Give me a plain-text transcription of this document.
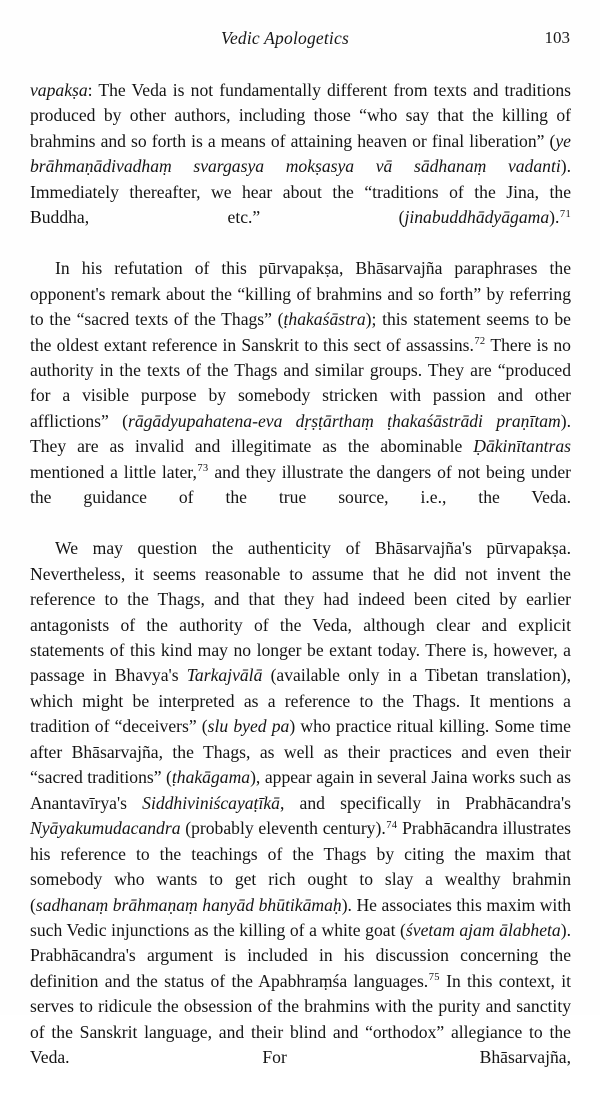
Vedic Apologetics	103

vapakṣa: The Veda is not fundamentally different from texts and traditions produced by other authors, including those “who say that the killing of brahmins and so forth is a means of attaining heaven or final liberation” (ye brāhmaṇādivadhaṃ svargasya mokṣasya vā sādhanaṃ vadanti). Immediately thereafter, we hear about the “traditions of the Jina, the Buddha, etc.” (jinabuddhādyāgama).$^{71}$

In his refutation of this pūrvapakṣa, Bhāsarvajña paraphrases the opponent's remark about the “killing of brahmins and so forth” by referring to the “sacred texts of the Thags” (ṭhakaśāstra); this statement seems to be the oldest extant reference in Sanskrit to this sect of assassins.$^{72}$ There is no authority in the texts of the Thags and similar groups. They are “produced for a visible purpose by somebody stricken with passion and other afflictions” (rāgādyupahatena-eva dṛṣṭārthaṃ ṭhakaśāstrādi praṇītam). They are as invalid and illegitimate as the abominable Ḍākinītantras mentioned a little later,$^{73}$ and they illustrate the dangers of not being under the guidance of the true source, i.e., the Veda.

We may question the authenticity of Bhāsarvajña's pūrvapakṣa. Nevertheless, it seems reasonable to assume that he did not invent the reference to the Thags, and that they had indeed been cited by earlier antagonists of the authority of the Veda, although clear and explicit statements of this kind may no longer be extant today. There is, however, a passage in Bhavya's Tarkajvālā (available only in a Tibetan translation), which might be interpreted as a reference to the Thags. It mentions a tradition of “deceivers” (slu byed pa) who practice ritual killing. Some time after Bhāsarvajña, the Thags, as well as their practices and even their “sacred traditions” (ṭhakāgama), appear again in several Jaina works such as Anantavīrya's Siddhiviniścayaṭīkā, and specifically in Prabhācandra's Nyāyakumudacandra (probably eleventh century).$^{74}$ Prabhācandra illustrates his reference to the teachings of the Thags by citing the maxim that somebody who wants to get rich ought to slay a wealthy brahmin (sadhanaṃ brāhmaṇaṃ hanyād bhūtikāmaḥ). He associates this maxim with such Vedic injunctions as the killing of a white goat (śvetam ajam ālabheta). Prabhācandra's argument is included in his discussion concerning the definition and the status of the Apabhraṃśa languages.$^{75}$ In this context, it serves to ridicule the obsession of the brahmins with the purity and sanctity of the Sanskrit language, and their blind and “orthodox” allegiance to the Veda. For Bhāsarvajña,
